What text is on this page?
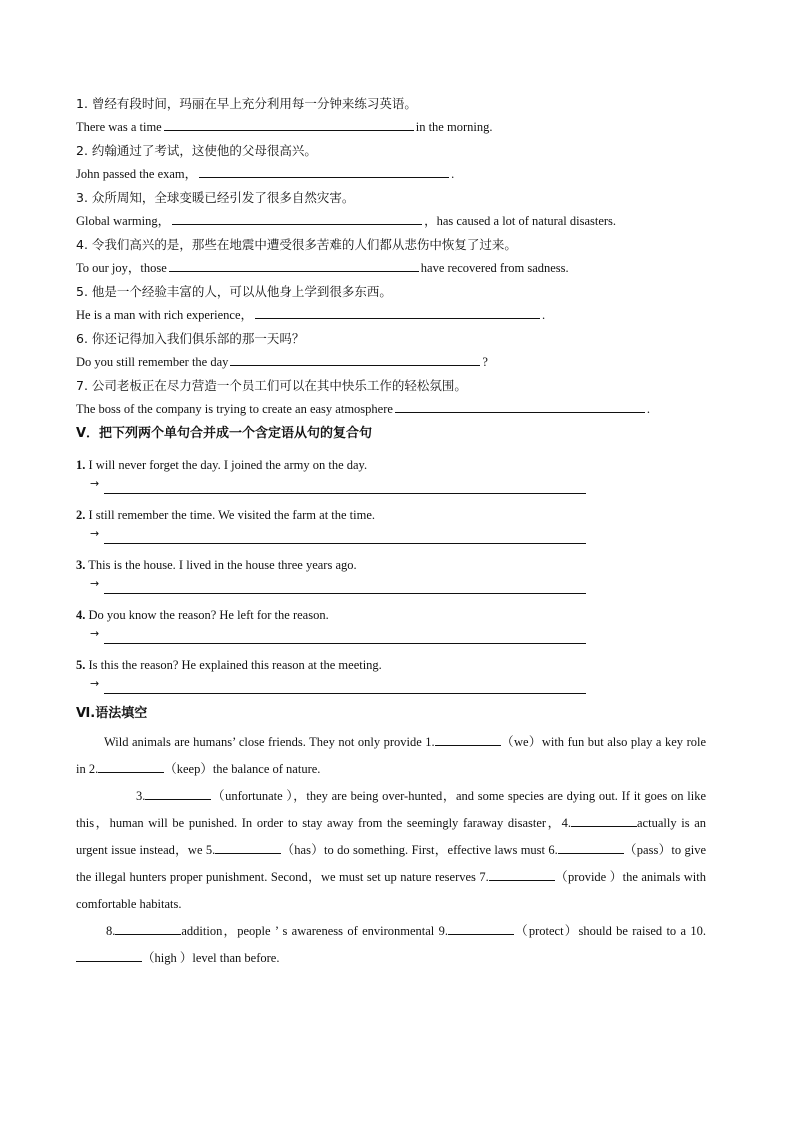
1. 曾经有段时间，玛丽在早上充分利用每一分钟来练习英语。
There was a time	in the morning.
2. 约翰通过了考试，这使他的父母很高兴。
John passed the exam，	.
3. 众所周知，全球变暖已经引发了很多自然灾害。
Global warming，	，has caused a lot of natural disasters.
4. 令我们高兴的是，那些在地震中遭受很多苦难的人们都从悲伤中恢复了过来。
To our joy，those	have recovered from sadness.
5. 他是一个经验丰富的人，可以从他身上学到很多东西。
He is a man with rich experience，	.
6. 你还记得加入我们俱乐部的那一天吗？
Do you still remember the day	?
7. 公司老板正在尽力营造一个员工们可以在其中快乐工作的轻松氛围。
The boss of the company is trying to create an easy atmosphere	.
V．把下列两个单句合并成一个含定语从句的复合句
1. I will never forget the day. I joined the army on the day.
→
2. I still remember the time. We visited the farm at the time.
→
3. This is the house. I lived in the house three years ago.
→
4. Do you know the reason? He left for the reason.
→
5. Is this the reason? He explained this reason at the meeting.
→
Ⅵ.语法填空

Wild animals are humans’ close friends. They not only provide 1.	（we）with fun but also play a key role in 2.	（keep）the balance of nature.

3.	（unfortunate ），they are being over-hunted，and some species are dying out. If it goes on like this，human will be punished. In order to stay away from the seemingly faraway disaster，4.	actually is an urgent issue instead，we 5.	（has）to do something. First，effective laws must 6.	（pass）to give the illegal hunters proper punishment. Second，we must set up nature reserves 7.	（provide ）the animals with comfortable habitats.

8.	addition，people ’ s awareness of environmental 9.	（protect）should be raised to a 10.（high ）level than before.
